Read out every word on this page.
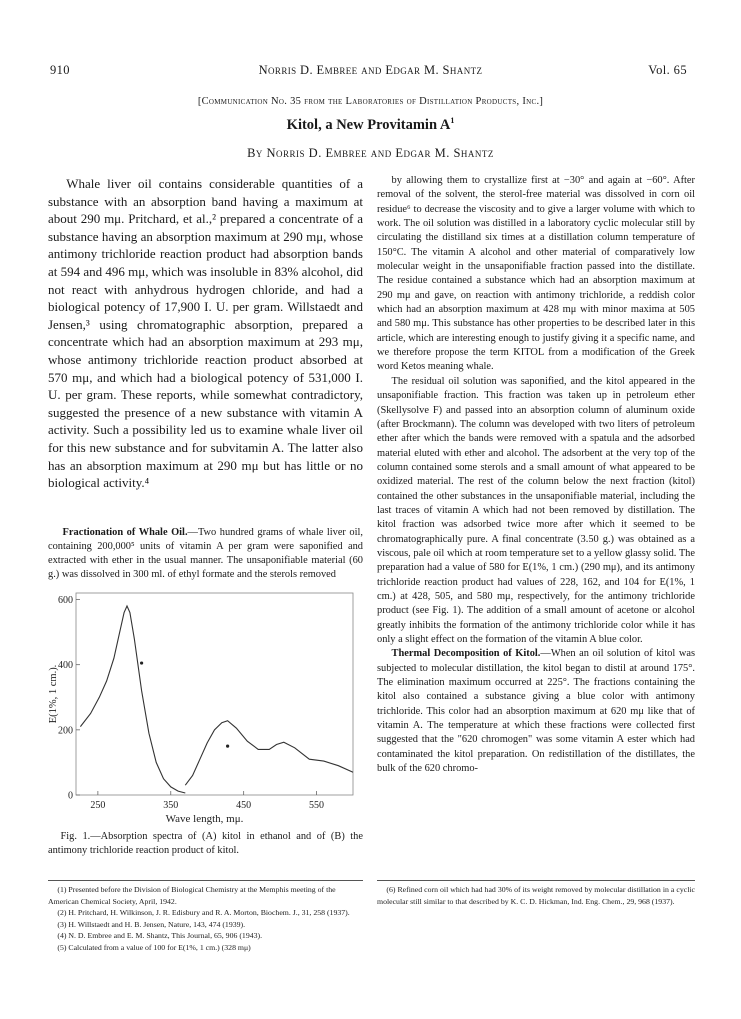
910	Norris D. Embree and Edgar M. Shantz	Vol. 65
[Communication No. 35 from the Laboratories of Distillation Products, Inc.]
Kitol, a New Provitamin $A^1$
By Norris D. Embree and Edgar M. Shantz

Whale liver oil contains considerable quantities of a substance with an absorption band having a maximum at about 290 mμ. Pritchard, et al.,² prepared a concentrate of a substance having an absorption maximum at 290 mμ, whose antimony trichloride reaction product had absorption bands at 594 and 496 mμ, which was insoluble in 83% alcohol, did not react with anhydrous hydrogen chloride, and had a biological potency of 17,900 I. U. per gram. Willstaedt and Jensen,³ using chromatographic absorption, prepared a concentrate which had an absorption maximum at 293 mμ, whose antimony trichloride reaction product absorbed at 570 mμ, and which had a biological potency of 531,000 I. U. per gram. These reports, while somewhat contradictory, suggested the presence of a new substance with vitamin A activity. Such a possibility led us to examine whale liver oil for this new substance and for subvitamin A. The latter also has an absorption maximum at 290 mμ but has little or no biological activity.⁴

Fractionation of Whale Oil.—Two hundred grams of whale liver oil, containing 200,000⁵ units of vitamin A per gram were saponified and extracted with ether in the usual manner. The unsaponifiable material (60 g.) was dissolved in 300 ml. of ethyl formate and the sterols removed

250	350	450	550
0
200
400
600
Wave length, mμ.
E(1%, 1 cm.).
Fig. 1.—Absorption spectra of (A) kitol in ethanol and of (B) the antimony trichloride reaction product of kitol.

by allowing them to crystallize first at −30° and again at −60°. After removal of the solvent, the sterol-free material was dissolved in corn oil residue⁶ to decrease the viscosity and to give a larger volume with which to work. The oil solution was distilled in a laboratory cyclic molecular still by circulating the distilland six times at a distillation column temperature of 150°C. The vitamin A alcohol and other material of comparatively low molecular weight in the unsaponifiable fraction passed into the distillate. The residue contained a substance which had an absorption maximum at 290 mμ and gave, on reaction with antimony trichloride, a reddish color which had an absorption maximum at 428 mμ with minor maxima at 505 and 580 mμ. This substance has other properties to be described later in this article, which are interesting enough to justify giving it a specific name, and we therefore propose the term KITOL from a modification of the Greek word Ketos meaning whale.

The residual oil solution was saponified, and the kitol appeared in the unsaponifiable fraction. This fraction was taken up in petroleum ether (Skellysolve F) and passed into an absorption column of aluminum oxide (after Brockmann). The column was developed with two liters of petroleum ether after which the bands were removed with a spatula and the adsorbed material eluted with ether and alcohol. The adsorbent at the very top of the column contained some sterols and a small amount of what appeared to be oxidized material. The rest of the column below the next fraction (kitol) contained the other substances in the unsaponifiable material, including the last traces of vitamin A which had not been removed by distillation. The kitol fraction was adsorbed twice more after which it seemed to be chromatographically pure. A final concentrate (3.50 g.) was obtained as a viscous, pale oil which at room temperature set to a yellow glassy solid. The preparation had a value of 580 for E(1%, 1 cm.) (290 mμ), and its antimony trichloride reaction product had values of 228, 162, and 104 for E(1%, 1 cm.) at 428, 505, and 580 mμ, respectively, for the antimony trichloride product (see Fig. 1). The addition of a small amount of acetone or alcohol greatly inhibits the formation of the antimony trichloride color while it has only a slight effect on the formation of the vitamin A blue color.

Thermal Decomposition of Kitol.—When an oil solution of kitol was subjected to molecular distillation, the kitol began to distil at around 175°. The elimination maximum occurred at 225°. The fractions containing the kitol also contained a substance giving a blue color with antimony trichloride. This color had an absorption maximum at 620 mμ like that of vitamin A. The temperature at which these fractions were collected first suggested that the "620 chromogen" was some vitamin A ester which had contaminated the kitol preparation. On redistillation of the distillates, the bulk of the 620 chromo-

(1) Presented before the Division of Biological Chemistry at the Memphis meeting of the American Chemical Society, April, 1942.

(2) H. Pritchard, H. Wilkinson, J. R. Edisbury and R. A. Morton, Biochem. J., 31, 258 (1937).

(3) H. Willstaedt and H. B. Jensen, Nature, 143, 474 (1939).

(4) N. D. Embree and E. M. Shantz, This Journal, 65, 906 (1943).

(5) Calculated from a value of 100 for E(1%, 1 cm.) (328 mμ)

(6) Refined corn oil which had had 30% of its weight removed by molecular distillation in a cyclic molecular still similar to that described by K. C. D. Hickman, Ind. Eng. Chem., 29, 968 (1937).
